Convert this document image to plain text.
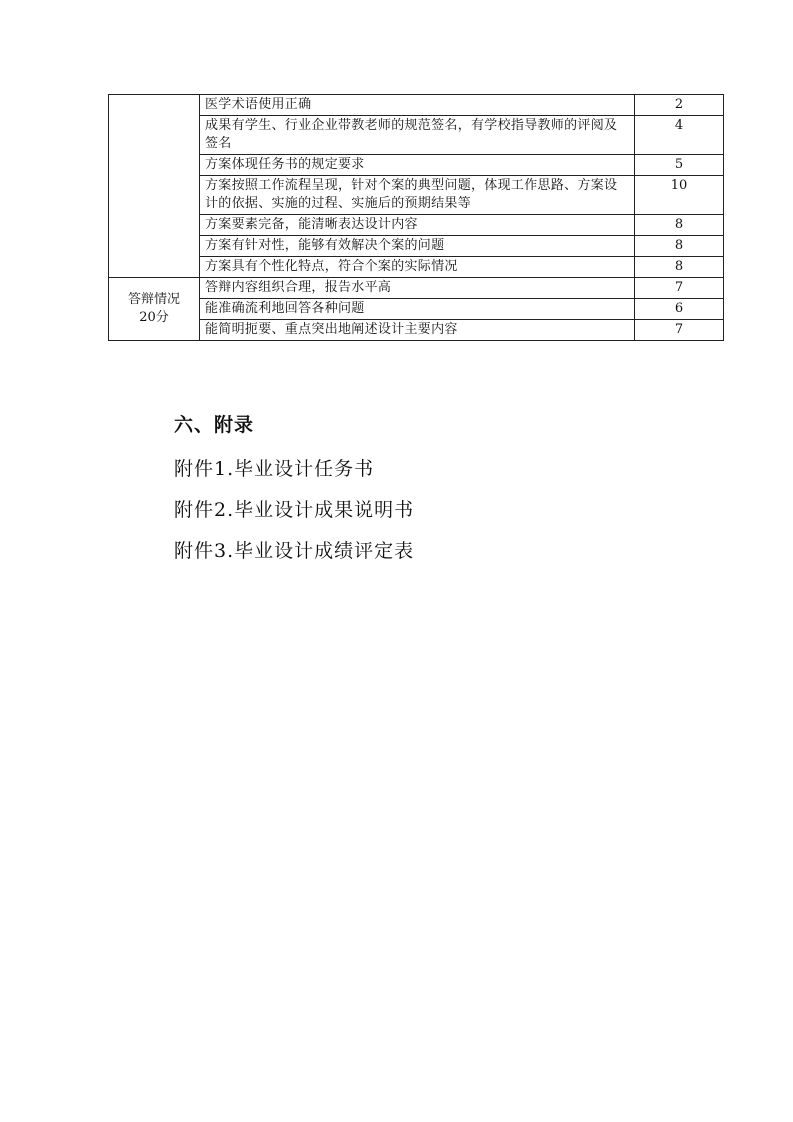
	医学术语使用正确	2
	成果有学生、行业企业带教老师的规范签名，有学校指导教师的评阅及签名	4
	方案体现任务书的规定要求	5
	方案按照工作流程呈现，针对个案的典型问题，体现工作思路、方案设计的依据、实施的过程、实施后的预期结果等	10
	方案要素完备，能清晰表达设计内容	8
	方案有针对性，能够有效解决个案的问题	8
	方案具有个性化特点，符合个案的实际情况	8

答辩情况
20分	答辩内容组织合理，报告水平高	7
	能准确流利地回答各种问题	6
	能简明扼要、重点突出地阐述设计主要内容	7
六、附录
附件1.毕业设计任务书
附件2.毕业设计成果说明书
附件3.毕业设计成绩评定表
